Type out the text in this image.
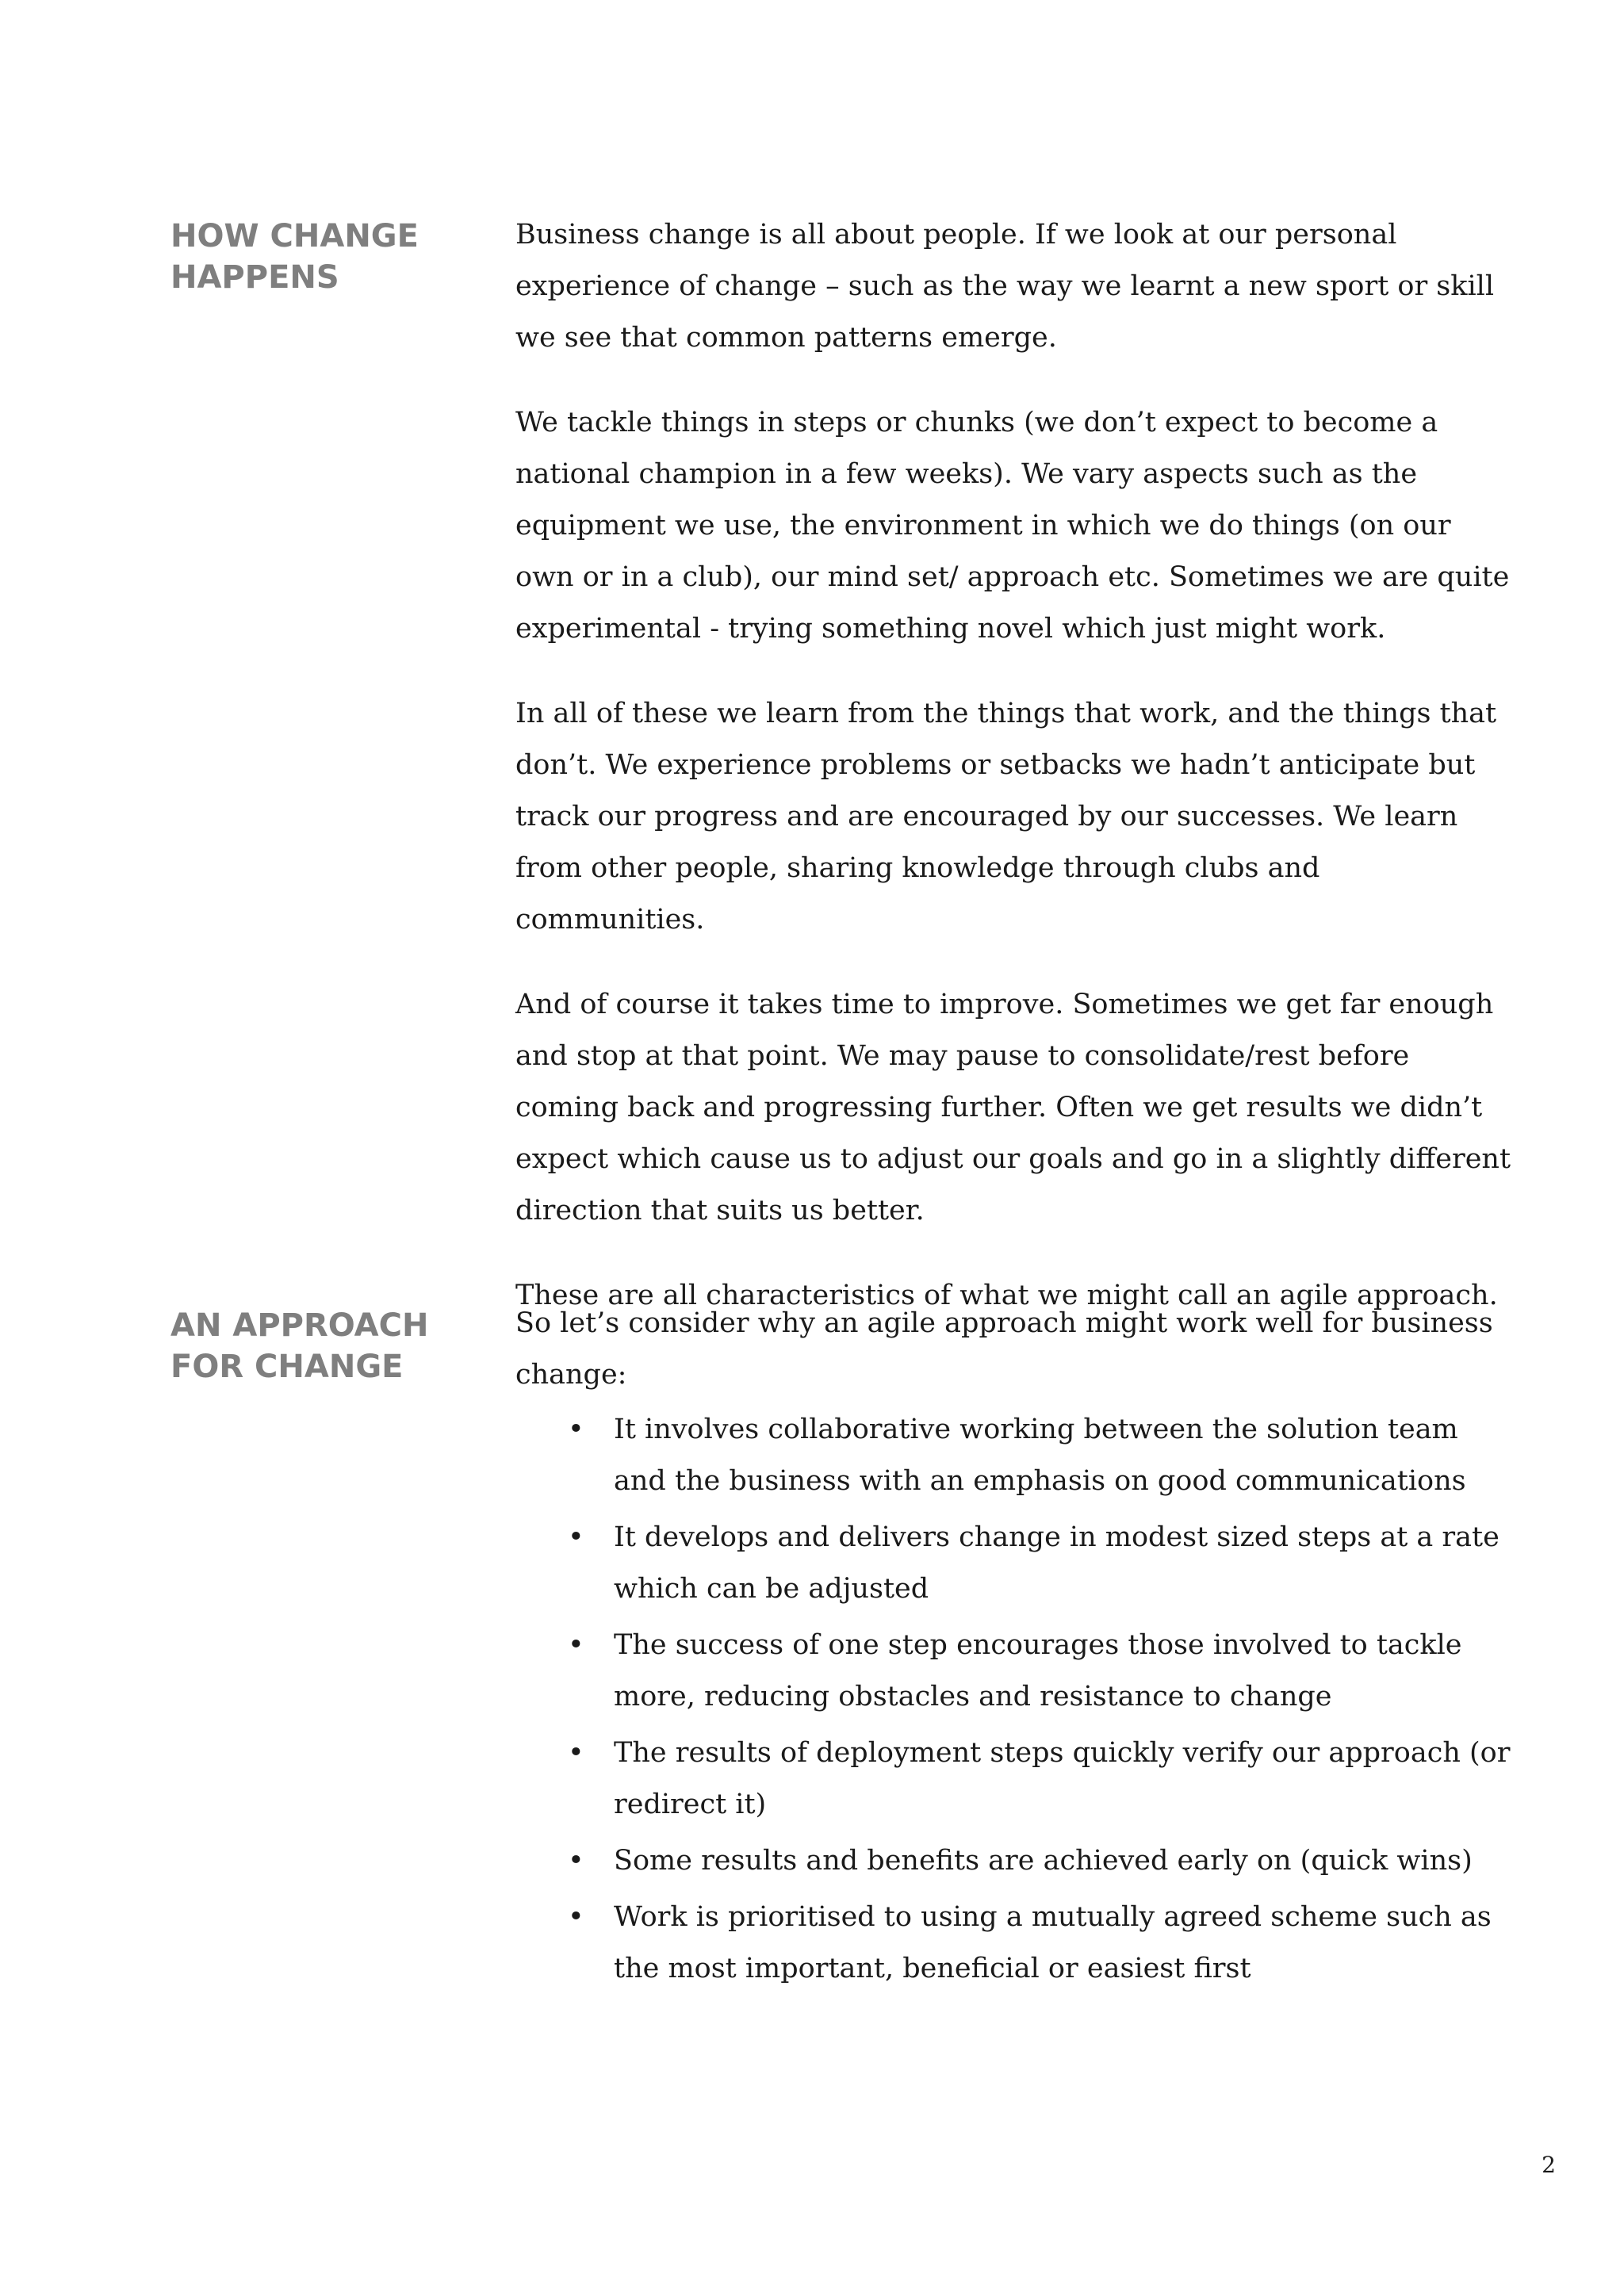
HOW CHANGE HAPPENS

Business change is all about people. If we look at our personal experience of change – such as the way we learnt a new sport or skill we see that common patterns emerge.

We tackle things in steps or chunks (we don’t expect to become a national champion in a few weeks). We vary aspects such as the equipment we use, the environment in which we do things (on our own or in a club), our mind set/ approach etc. Sometimes we are quite experimental - trying something novel which just might work.

In all of these we learn from the things that work, and the things that don’t. We experience problems or setbacks we hadn’t anticipate but track our progress and are encouraged by our successes. We learn from other people, sharing knowledge through clubs and communities.

And of course it takes time to improve. Sometimes we get far enough and stop at that point. We may pause to consolidate/rest before coming back and progressing further. Often we get results we didn’t expect which cause us to adjust our goals and go in a slightly different direction that suits us better.

These are all characteristics of what we might call an agile approach.

AN APPROACH FOR CHANGE

So let’s consider why an agile approach might work well for business change:

• It involves collaborative working between the solution team and the business with an emphasis on good communications
• It develops and delivers change in modest sized steps at a rate which can be adjusted
• The success of one step encourages those involved to tackle more, reducing obstacles and resistance to change
• The results of deployment steps quickly verify our approach (or redirect it)
• Some results and benefits are achieved early on (quick wins)
• Work is prioritised to using a mutually agreed scheme such as the most important, beneficial or easiest first
2
